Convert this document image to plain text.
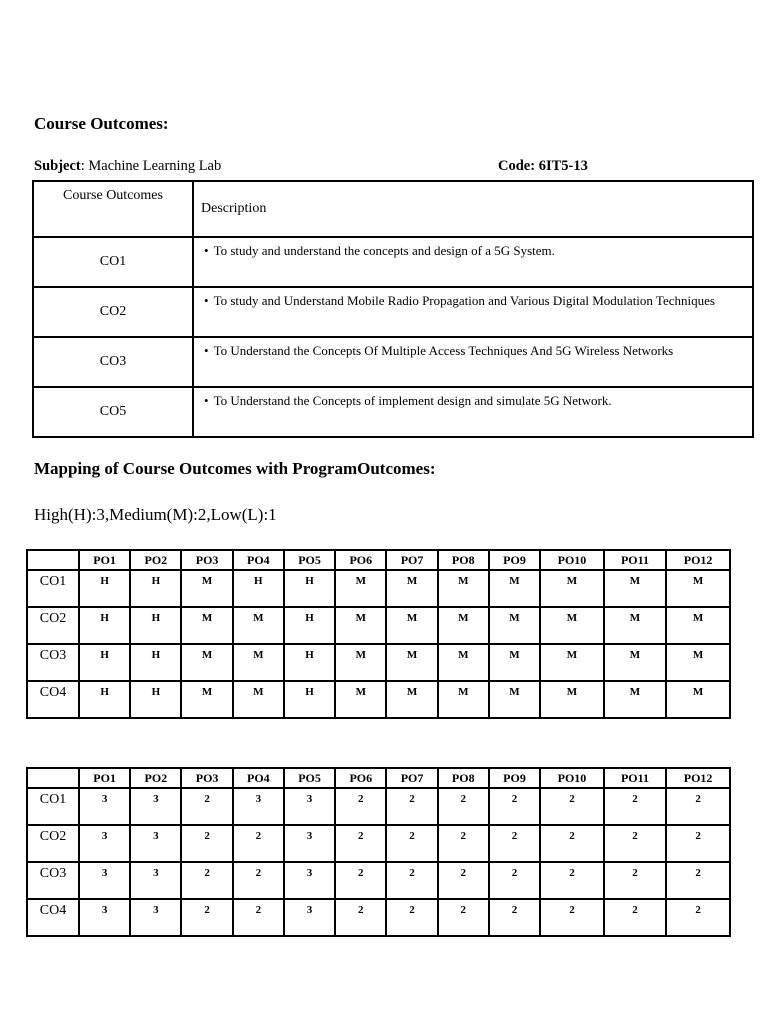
Course Outcomes:
Subject: Machine Learning Lab	Code: 6IT5-13
Course Outcomes	Description
CO1	• To study and understand the concepts and design of a 5G System.
CO2	• To study and Understand Mobile Radio Propagation and Various Digital Modulation Techniques
CO3	• To Understand the Concepts Of Multiple Access Techniques And 5G Wireless Networks
CO5	• To Understand the Concepts of implement design and simulate 5G Network.
Mapping of Course Outcomes with ProgramOutcomes:
High(H):3,Medium(M):2,Low(L):1
	PO1	PO2	PO3	PO4	PO5	PO6	PO7	PO8	PO9	PO10	PO11	PO12
CO1	H	H	M	H	H	M	M	M	M	M	M	M
CO2	H	H	M	M	H	M	M	M	M	M	M	M
CO3	H	H	M	M	H	M	M	M	M	M	M	M
CO4	H	H	M	M	H	M	M	M	M	M	M	M
	PO1	PO2	PO3	PO4	PO5	PO6	PO7	PO8	PO9	PO10	PO11	PO12
CO1	3	3	2	3	3	2	2	2	2	2	2	2
CO2	3	3	2	2	3	2	2	2	2	2	2	2
CO3	3	3	2	2	3	2	2	2	2	2	2	2
CO4	3	3	2	2	3	2	2	2	2	2	2	2
